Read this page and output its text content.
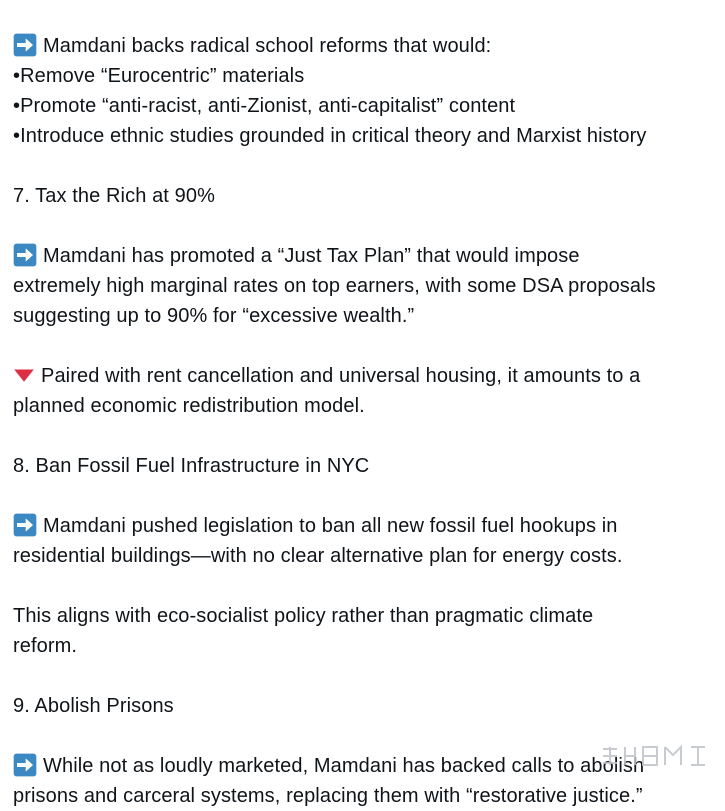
Mamdani backs radical school reforms that would:
•Remove “Eurocentric” materials
•Promote “anti-racist, anti-Zionist, anti-capitalist” content
•Introduce ethnic studies grounded in critical theory and Marxist history
7. Tax the Rich at 90%
Mamdani has promoted a “Just Tax Plan” that would impose
extremely high marginal rates on top earners, with some DSA proposals
suggesting up to 90% for “excessive wealth.”
Paired with rent cancellation and universal housing, it amounts to a
planned economic redistribution model.
8. Ban Fossil Fuel Infrastructure in NYC
Mamdani pushed legislation to ban all new fossil fuel hookups in
residential buildings—with no clear alternative plan for energy costs.
This aligns with eco-socialist policy rather than pragmatic climate
reform.
9. Abolish Prisons
While not as loudly marketed, Mamdani has backed calls to abolish
prisons and carceral systems, replacing them with “restorative justice.”
